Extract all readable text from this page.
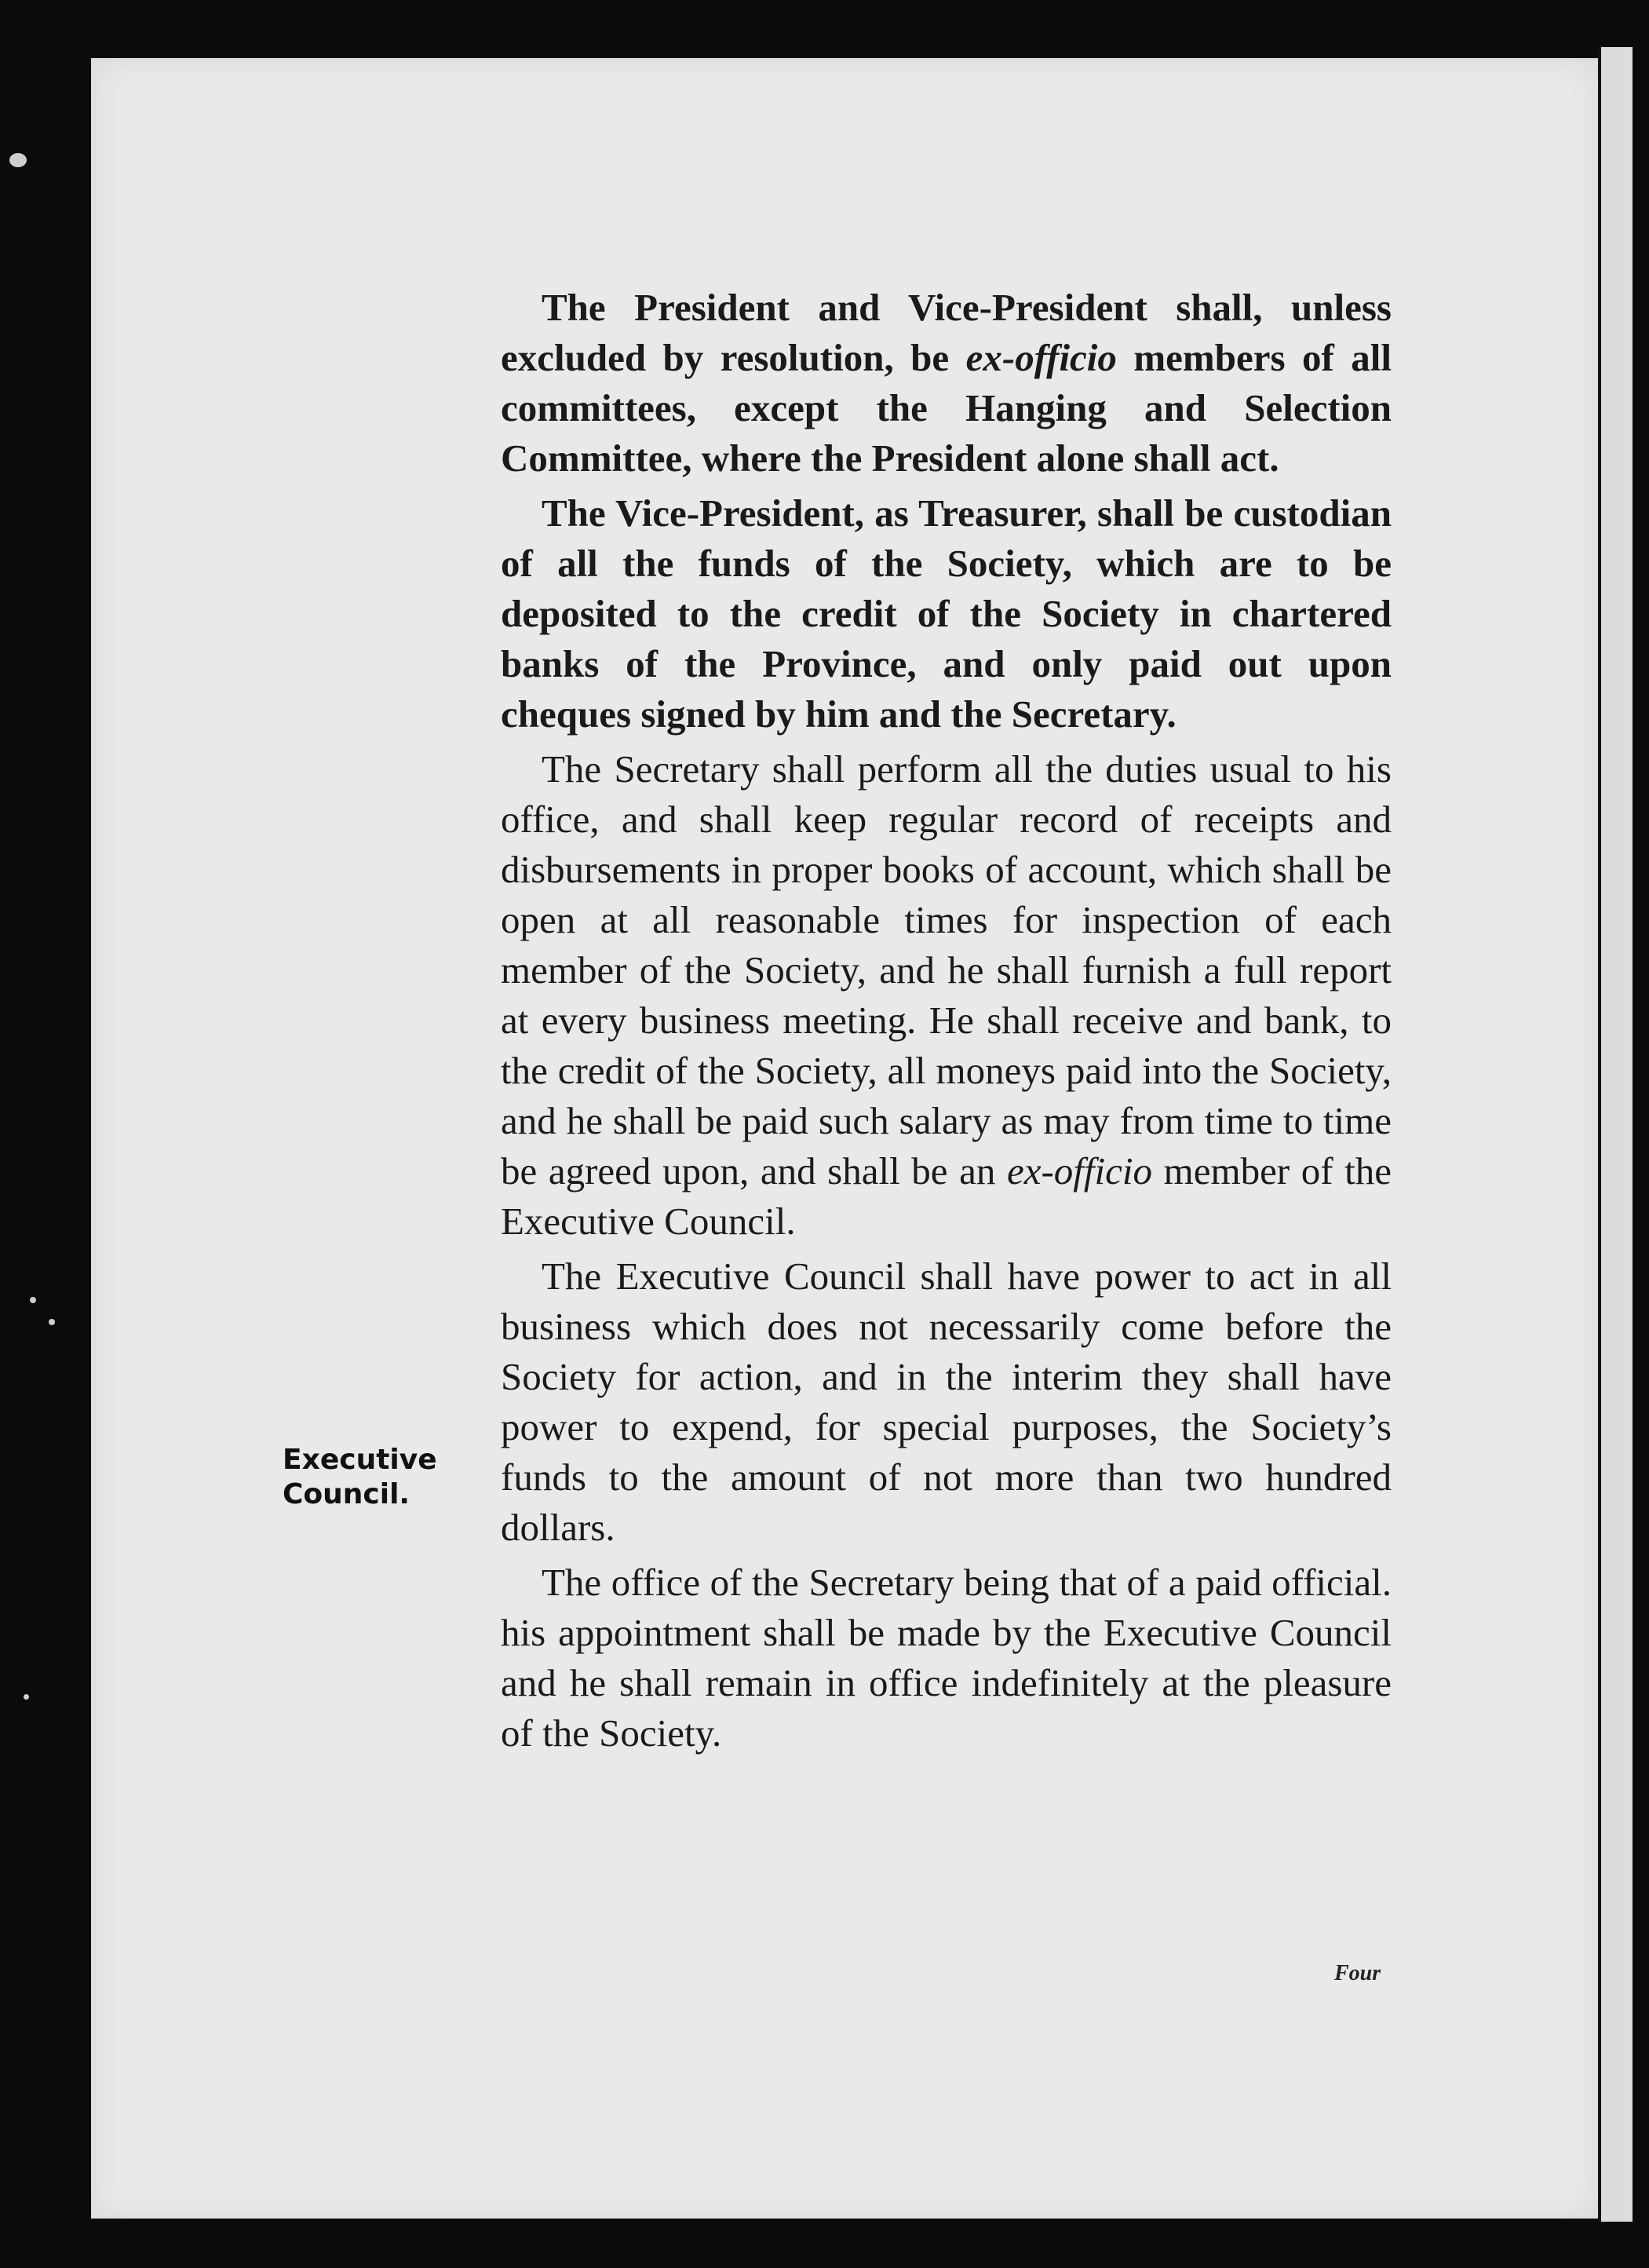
The President and Vice-President shall, unless excluded by resolution, be ex-officio members of all committees, except the Hanging and Selection Committee, where the President alone shall act.

The Vice-President, as Treasurer, shall be custodian of all the funds of the Society, which are to be deposited to the credit of the Society in chartered banks of the Province, and only paid out upon cheques signed by him and the Secretary.

The Secretary shall perform all the duties usual to his office, and shall keep regular record of receipts and disbursements in proper books of account, which shall be open at all reasonable times for inspection of each member of the Society, and he shall furnish a full report at every business meeting. He shall receive and bank, to the credit of the Society, all moneys paid into the Society, and he shall be paid such salary as may from time to time be agreed upon, and shall be an ex-officio member of the Executive Council.

The Executive Council shall have power to act in all business which does not necessarily come before the Society for action, and in the interim they shall have power to expend, for special purposes, the Society’s funds to the amount of not more than two hundred dollars.

The office of the Secretary being that of a paid official. his appointment shall be made by the Executive Council and he shall remain in office indefinitely at the pleasure of the Society.

Executive
Council.
Four
